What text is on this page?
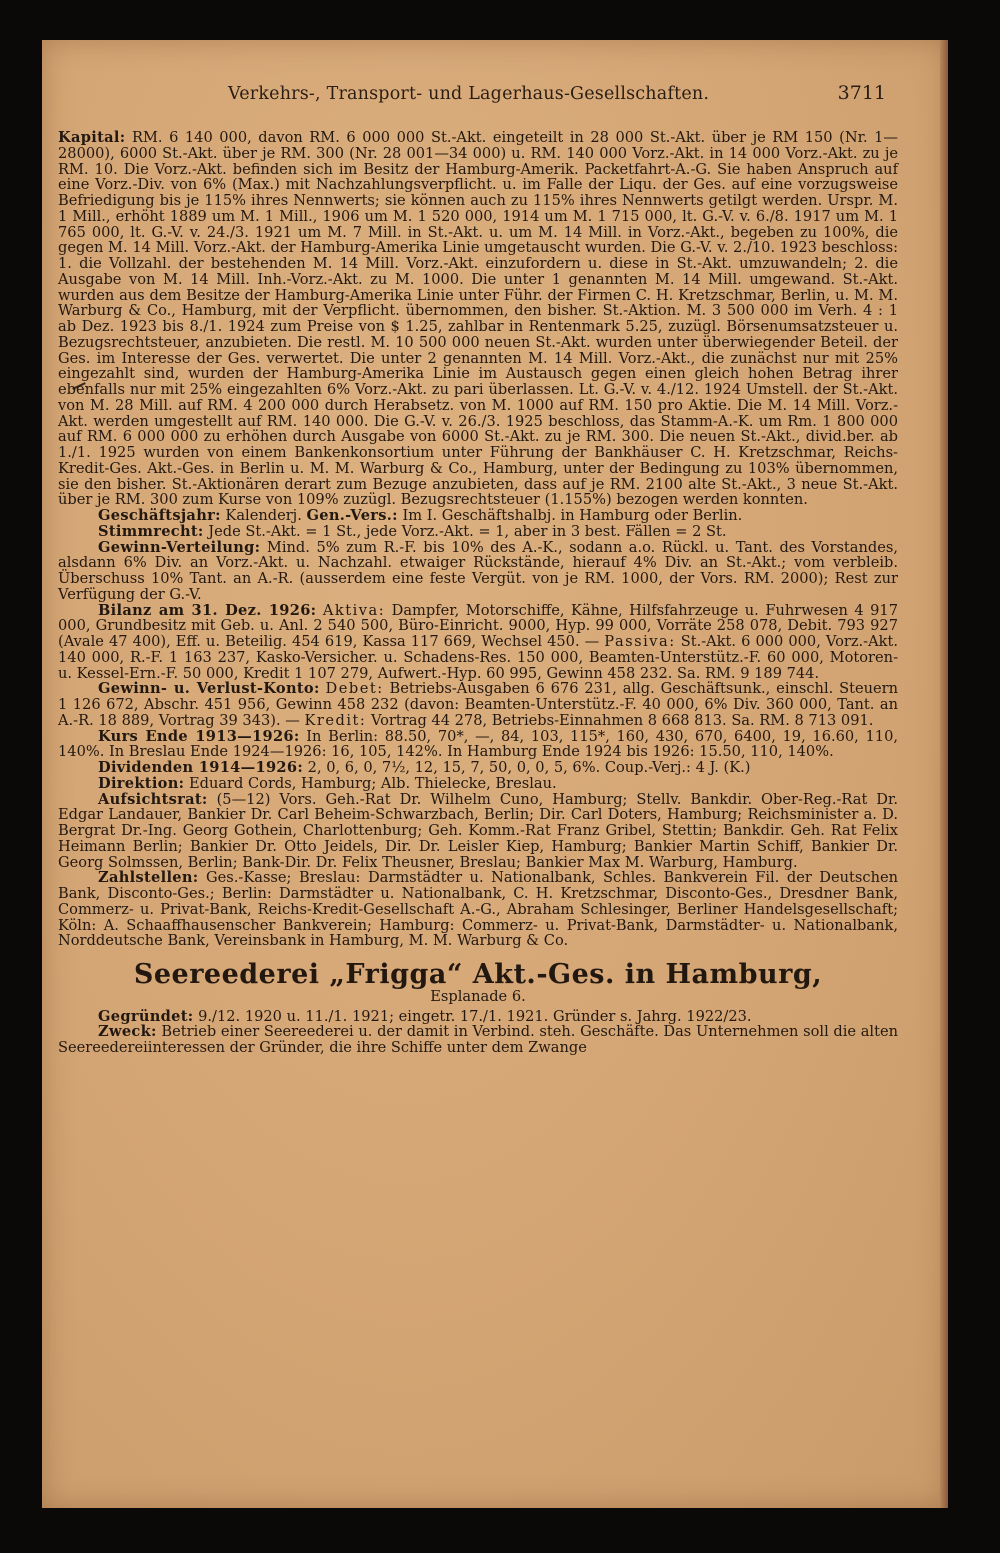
Verkehrs-, Transport- und Lagerhaus-Gesellschaften.	3711

Kapital: RM. 6 140 000, davon RM. 6 000 000 St.-Akt. eingeteilt in 28 000 St.-Akt. über je RM 150 (Nr. 1—28000), 6000 St.-Akt. über je RM. 300 (Nr. 28 001—34 000) u. RM. 140 000 Vorz.-Akt. in 14 000 Vorz.-Akt. zu je RM. 10. Die Vorz.-Akt. befinden sich im Besitz der Hamburg-Amerik. Packetfahrt-A.-G. Sie haben Anspruch auf eine Vorz.-Div. von 6% (Max.) mit Nachzahlungsverpflicht. u. im Falle der Liqu. der Ges. auf eine vorzugsweise Befriedigung bis je 115% ihres Nennwerts; sie können auch zu 115% ihres Nennwerts getilgt werden. Urspr. M. 1 Mill., erhöht 1889 um M. 1 Mill., 1906 um M. 1 520 000, 1914 um M. 1 715 000, lt. G.-V. v. 6./8. 1917 um M. 1 765 000, lt. G.-V. v. 24./3. 1921 um M. 7 Mill. in St.-Akt. u. um M. 14 Mill. in Vorz.-Akt., begeben zu 100%, die gegen M. 14 Mill. Vorz.-Akt. der Hamburg-Amerika Linie umgetauscht wurden. Die G.-V. v. 2./10. 1923 beschloss: 1. die Vollzahl. der bestehenden M. 14 Mill. Vorz.-Akt. einzufordern u. diese in St.-Akt. umzuwandeln; 2. die Ausgabe von M. 14 Mill. Inh.-Vorz.-Akt. zu M. 1000. Die unter 1 genannten M. 14 Mill. umgewand. St.-Akt. wurden aus dem Besitze der Hamburg-Amerika Linie unter Führ. der Firmen C. H. Kretzschmar, Berlin, u. M. M. Warburg & Co., Hamburg, mit der Verpflicht. übernommen, den bisher. St.-Aktion. M. 3 500 000 im Verh. 4 : 1 ab Dez. 1923 bis 8./1. 1924 zum Preise von $ 1.25, zahlbar in Rentenmark 5.25, zuzügl. Börsenumsatzsteuer u. Bezugsrechtsteuer, anzubieten. Die restl. M. 10 500 000 neuen St.-Akt. wurden unter überwiegender Beteil. der Ges. im Interesse der Ges. verwertet. Die unter 2 genannten M. 14 Mill. Vorz.-Akt., die zunächst nur mit 25% eingezahlt sind, wurden der Hamburg-Amerika Linie im Austausch gegen einen gleich hohen Betrag ihrer ebenfalls nur mit 25% eingezahlten 6% Vorz.-Akt. zu pari überlassen. Lt. G.-V. v. 4./12. 1924 Umstell. der St.-Akt. von M. 28 Mill. auf RM. 4 200 000 durch Herabsetz. von M. 1000 auf RM. 150 pro Aktie. Die M. 14 Mill. Vorz.-Akt. werden umgestellt auf RM. 140 000. Die G.-V. v. 26./3. 1925 beschloss, das Stamm-A.-K. um Rm. 1 800 000 auf RM. 6 000 000 zu erhöhen durch Ausgabe von 6000 St.-Akt. zu je RM. 300. Die neuen St.-Akt., divid.ber. ab 1./1. 1925 wurden von einem Bankenkonsortium unter Führung der Bankhäuser C. H. Kretzschmar, Reichs-Kredit-Ges. Akt.-Ges. in Berlin u. M. M. Warburg & Co., Hamburg, unter der Bedingung zu 103% übernommen, sie den bisher. St.-Aktionären derart zum Bezuge anzubieten, dass auf je RM. 2100 alte St.-Akt., 3 neue St.-Akt. über je RM. 300 zum Kurse von 109% zuzügl. Bezugsrechtsteuer (1.155%) bezogen werden konnten.

Geschäftsjahr: Kalenderj. Gen.-Vers.: Im I. Geschäftshalbj. in Hamburg oder Berlin.

Stimmrecht: Jede St.-Akt. = 1 St., jede Vorz.-Akt. = 1, aber in 3 best. Fällen = 2 St.

Gewinn-Verteilung: Mind. 5% zum R.-F. bis 10% des A.-K., sodann a.o. Rückl. u. Tant. des Vorstandes, alsdann 6% Div. an Vorz.-Akt. u. Nachzahl. etwaiger Rückstände, hierauf 4% Div. an St.-Akt.; vom verbleib. Überschuss 10% Tant. an A.-R. (ausserdem eine feste Vergüt. von je RM. 1000, der Vors. RM. 2000); Rest zur Verfügung der G.-V.

Bilanz am 31. Dez. 1926: Aktiva: Dampfer, Motorschiffe, Kähne, Hilfsfahrzeuge u. Fuhrwesen 4 917 000, Grundbesitz mit Geb. u. Anl. 2 540 500, Büro-Einricht. 9000, Hyp. 99 000, Vorräte 258 078, Debit. 793 927 (Avale 47 400), Eff. u. Beteilig. 454 619, Kassa 117 669, Wechsel 450. — Passiva: St.-Akt. 6 000 000, Vorz.-Akt. 140 000, R.-F. 1 163 237, Kasko-Versicher. u. Schadens-Res. 150 000, Beamten-Unterstütz.-F. 60 000, Motoren- u. Kessel-Ern.-F. 50 000, Kredit 1 107 279, Aufwert.-Hyp. 60 995, Gewinn 458 232. Sa. RM. 9 189 744.

Gewinn- u. Verlust-Konto: Debet: Betriebs-Ausgaben 6 676 231, allg. Geschäftsunk., einschl. Steuern 1 126 672, Abschr. 451 956, Gewinn 458 232 (davon: Beamten-Unterstütz.-F. 40 000, 6% Div. 360 000, Tant. an A.-R. 18 889, Vortrag 39 343). — Kredit: Vortrag 44 278, Betriebs-Einnahmen 8 668 813. Sa. RM. 8 713 091.

Kurs Ende 1913—1926: In Berlin: 88.50, 70*, —, 84, 103, 115*, 160, 430, 670, 6400, 19, 16.60, 110, 140%. In Breslau Ende 1924—1926: 16, 105, 142%. In Hamburg Ende 1924 bis 1926: 15.50, 110, 140%.

Dividenden 1914—1926: 2, 0, 6, 0, 7½, 12, 15, 7, 50, 0, 0, 5, 6%. Coup.-Verj.: 4 J. (K.)

Direktion: Eduard Cords, Hamburg; Alb. Thielecke, Breslau.

Aufsichtsrat: (5—12) Vors. Geh.-Rat Dr. Wilhelm Cuno, Hamburg; Stellv. Bankdir. Ober-Reg.-Rat Dr. Edgar Landauer, Bankier Dr. Carl Beheim-Schwarzbach, Berlin; Dir. Carl Doters, Hamburg; Reichsminister a. D. Bergrat Dr.-Ing. Georg Gothein, Charlottenburg; Geh. Komm.-Rat Franz Gribel, Stettin; Bankdir. Geh. Rat Felix Heimann Berlin; Bankier Dr. Otto Jeidels, Dir. Dr. Leisler Kiep, Hamburg; Bankier Martin Schiff, Bankier Dr. Georg Solmssen, Berlin; Bank-Dir. Dr. Felix Theusner, Breslau; Bankier Max M. Warburg, Hamburg.

Zahlstellen: Ges.-Kasse; Breslau: Darmstädter u. Nationalbank, Schles. Bankverein Fil. der Deutschen Bank, Disconto-Ges.; Berlin: Darmstädter u. Nationalbank, C. H. Kretzschmar, Disconto-Ges., Dresdner Bank, Commerz- u. Privat-Bank, Reichs-Kredit-Gesellschaft A.-G., Abraham Schlesinger, Berliner Handelsgesellschaft; Köln: A. Schaaffhausenscher Bankverein; Hamburg: Commerz- u. Privat-Bank, Darmstädter- u. Nationalbank, Norddeutsche Bank, Vereinsbank in Hamburg, M. M. Warburg & Co.

Seereederei „Frigga“ Akt.-Ges. in Hamburg,
Esplanade 6.

Gegründet: 9./12. 1920 u. 11./1. 1921; eingetr. 17./1. 1921. Gründer s. Jahrg. 1922/23.

Zweck: Betrieb einer Seereederei u. der damit in Verbind. steh. Geschäfte. Das Unternehmen soll die alten Seereedereiinteressen der Gründer, die ihre Schiffe unter dem Zwange
